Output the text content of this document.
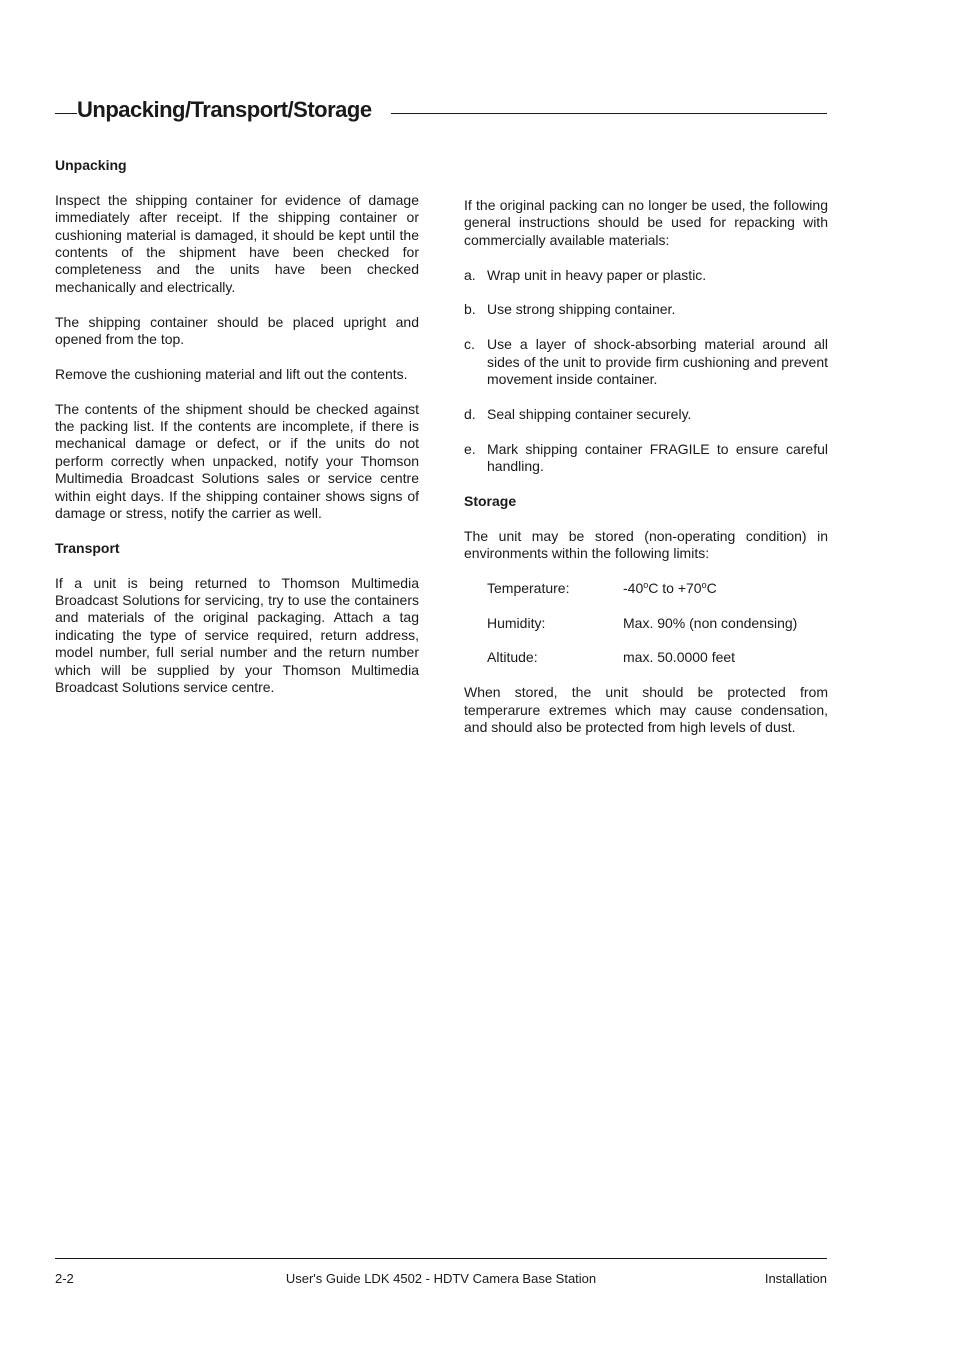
Unpacking/Transport/Storage
Unpacking

Inspect the shipping container for evidence of damage immediately after receipt. If the shipping container or cushioning material is damaged, it should be kept until the contents of the shipment have been checked for completeness and the units have been checked mechanically and electrically.

The shipping container should be placed upright and opened from the top.

Remove the cushioning material and lift out the contents.

The contents of the shipment should be checked against the packing list. If the contents are incomplete, if there is mechanical damage or defect, or if the units do not perform correctly when unpacked, notify your Thomson Multimedia Broadcast Solutions sales or service centre within eight days. If the shipping container shows signs of damage or stress, notify the carrier as well.

Transport

If a unit is being returned to Thomson Multimedia Broadcast Solutions for servicing, try to use the containers and materials of the original packaging. Attach a tag indicating the type of service required, return address, model number, full serial number and the return number which will be supplied by your Thomson Multimedia Broadcast Solutions service centre.

If the original packing can no longer be used, the following general instructions should be used for repacking with commercially available materials:

a. Wrap unit in heavy paper or plastic.
b. Use strong shipping container.
c. Use a layer of shock-absorbing material around all sides of the unit to provide firm cushioning and prevent movement inside container.
d. Seal shipping container securely.
e. Mark shipping container FRAGILE to ensure careful handling.
Storage

The unit may be stored (non-operating condition) in environments within the following limits:

Temperature:	-40$^o$C to $+70^oC$
Humidity:	Max. 90% (non condensing)
Altitude:	max. 50.0000 feet

When stored, the unit should be protected from temperarure extremes which may cause condensation, and should also be protected from high levels of dust.

2-2	User's Guide LDK 4502 - HDTV Camera Base Station	Installation
